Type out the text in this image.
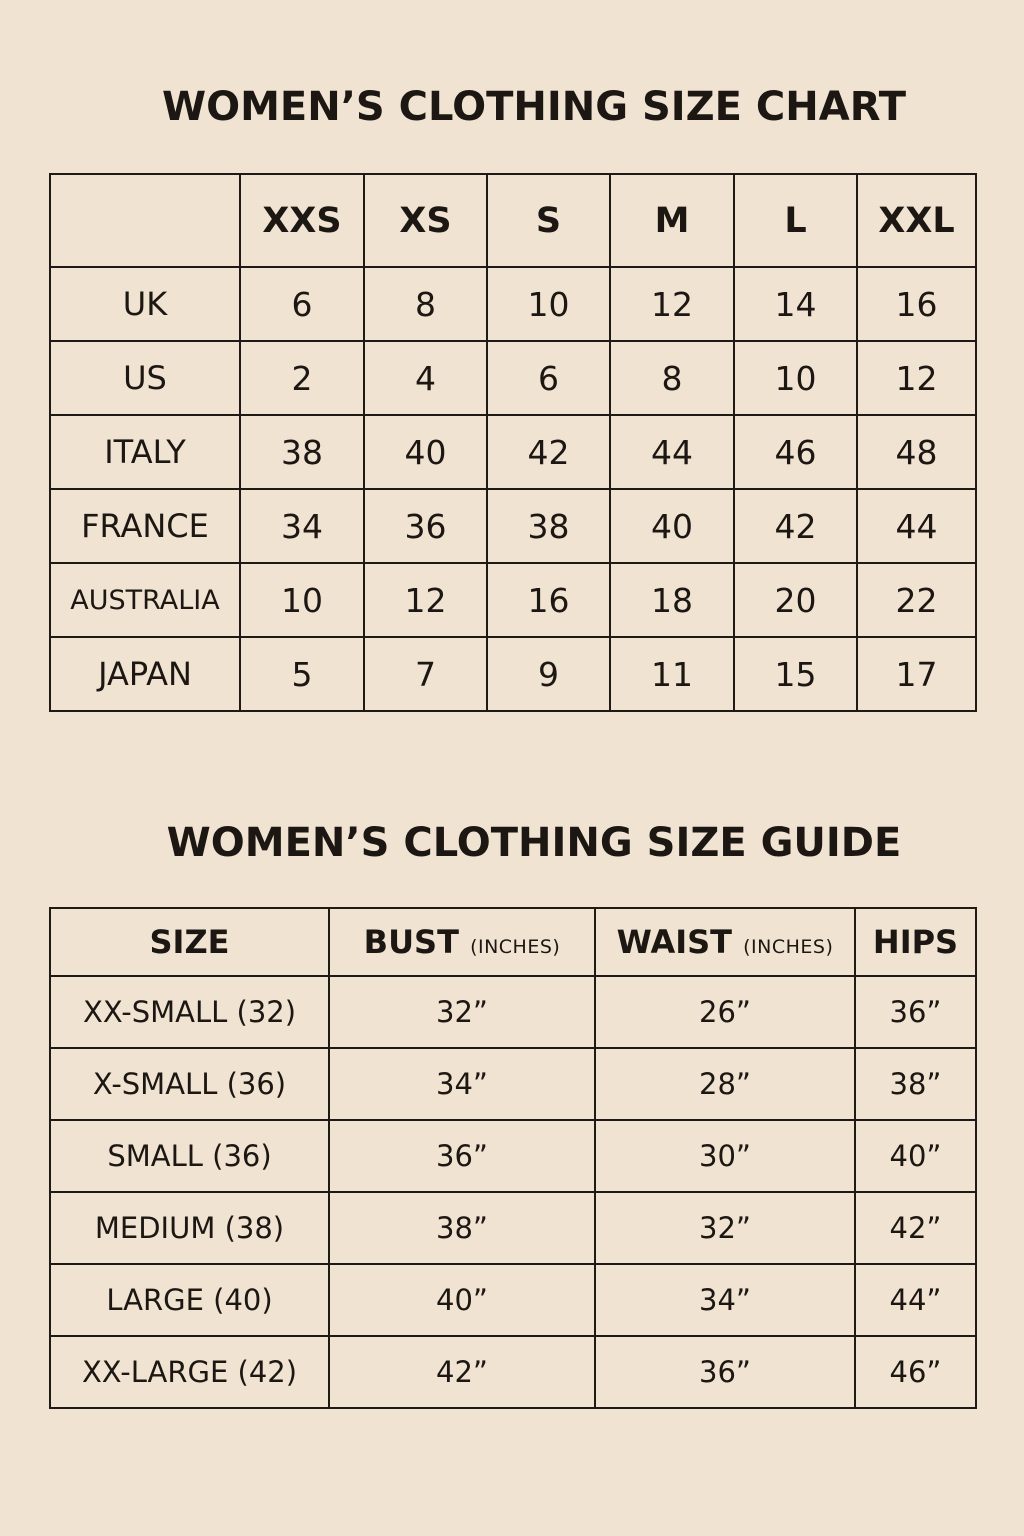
WOMEN’S CLOTHING SIZE CHART
	XXS	XS	S	M	L	XXL
UK	6	8	10	12	14	16
US	2	4	6	8	10	12
ITALY	38	40	42	44	46	48
FRANCE	34	36	38	40	42	44
AUSTRALIA	10	12	16	18	20	22
JAPAN	5	7	9	11	15	17
WOMEN’S CLOTHING SIZE GUIDE
SIZE	BUST (INCHES)	WAIST (INCHES)	HIPS
XX-SMALL (32)	32”	26”	36”
X-SMALL (36)	34”	28”	38”
SMALL (36)	36”	30”	40”
MEDIUM (38)	38”	32”	42”
LARGE (40)	40”	34”	44”
XX-LARGE (42)	42”	36”	46”
